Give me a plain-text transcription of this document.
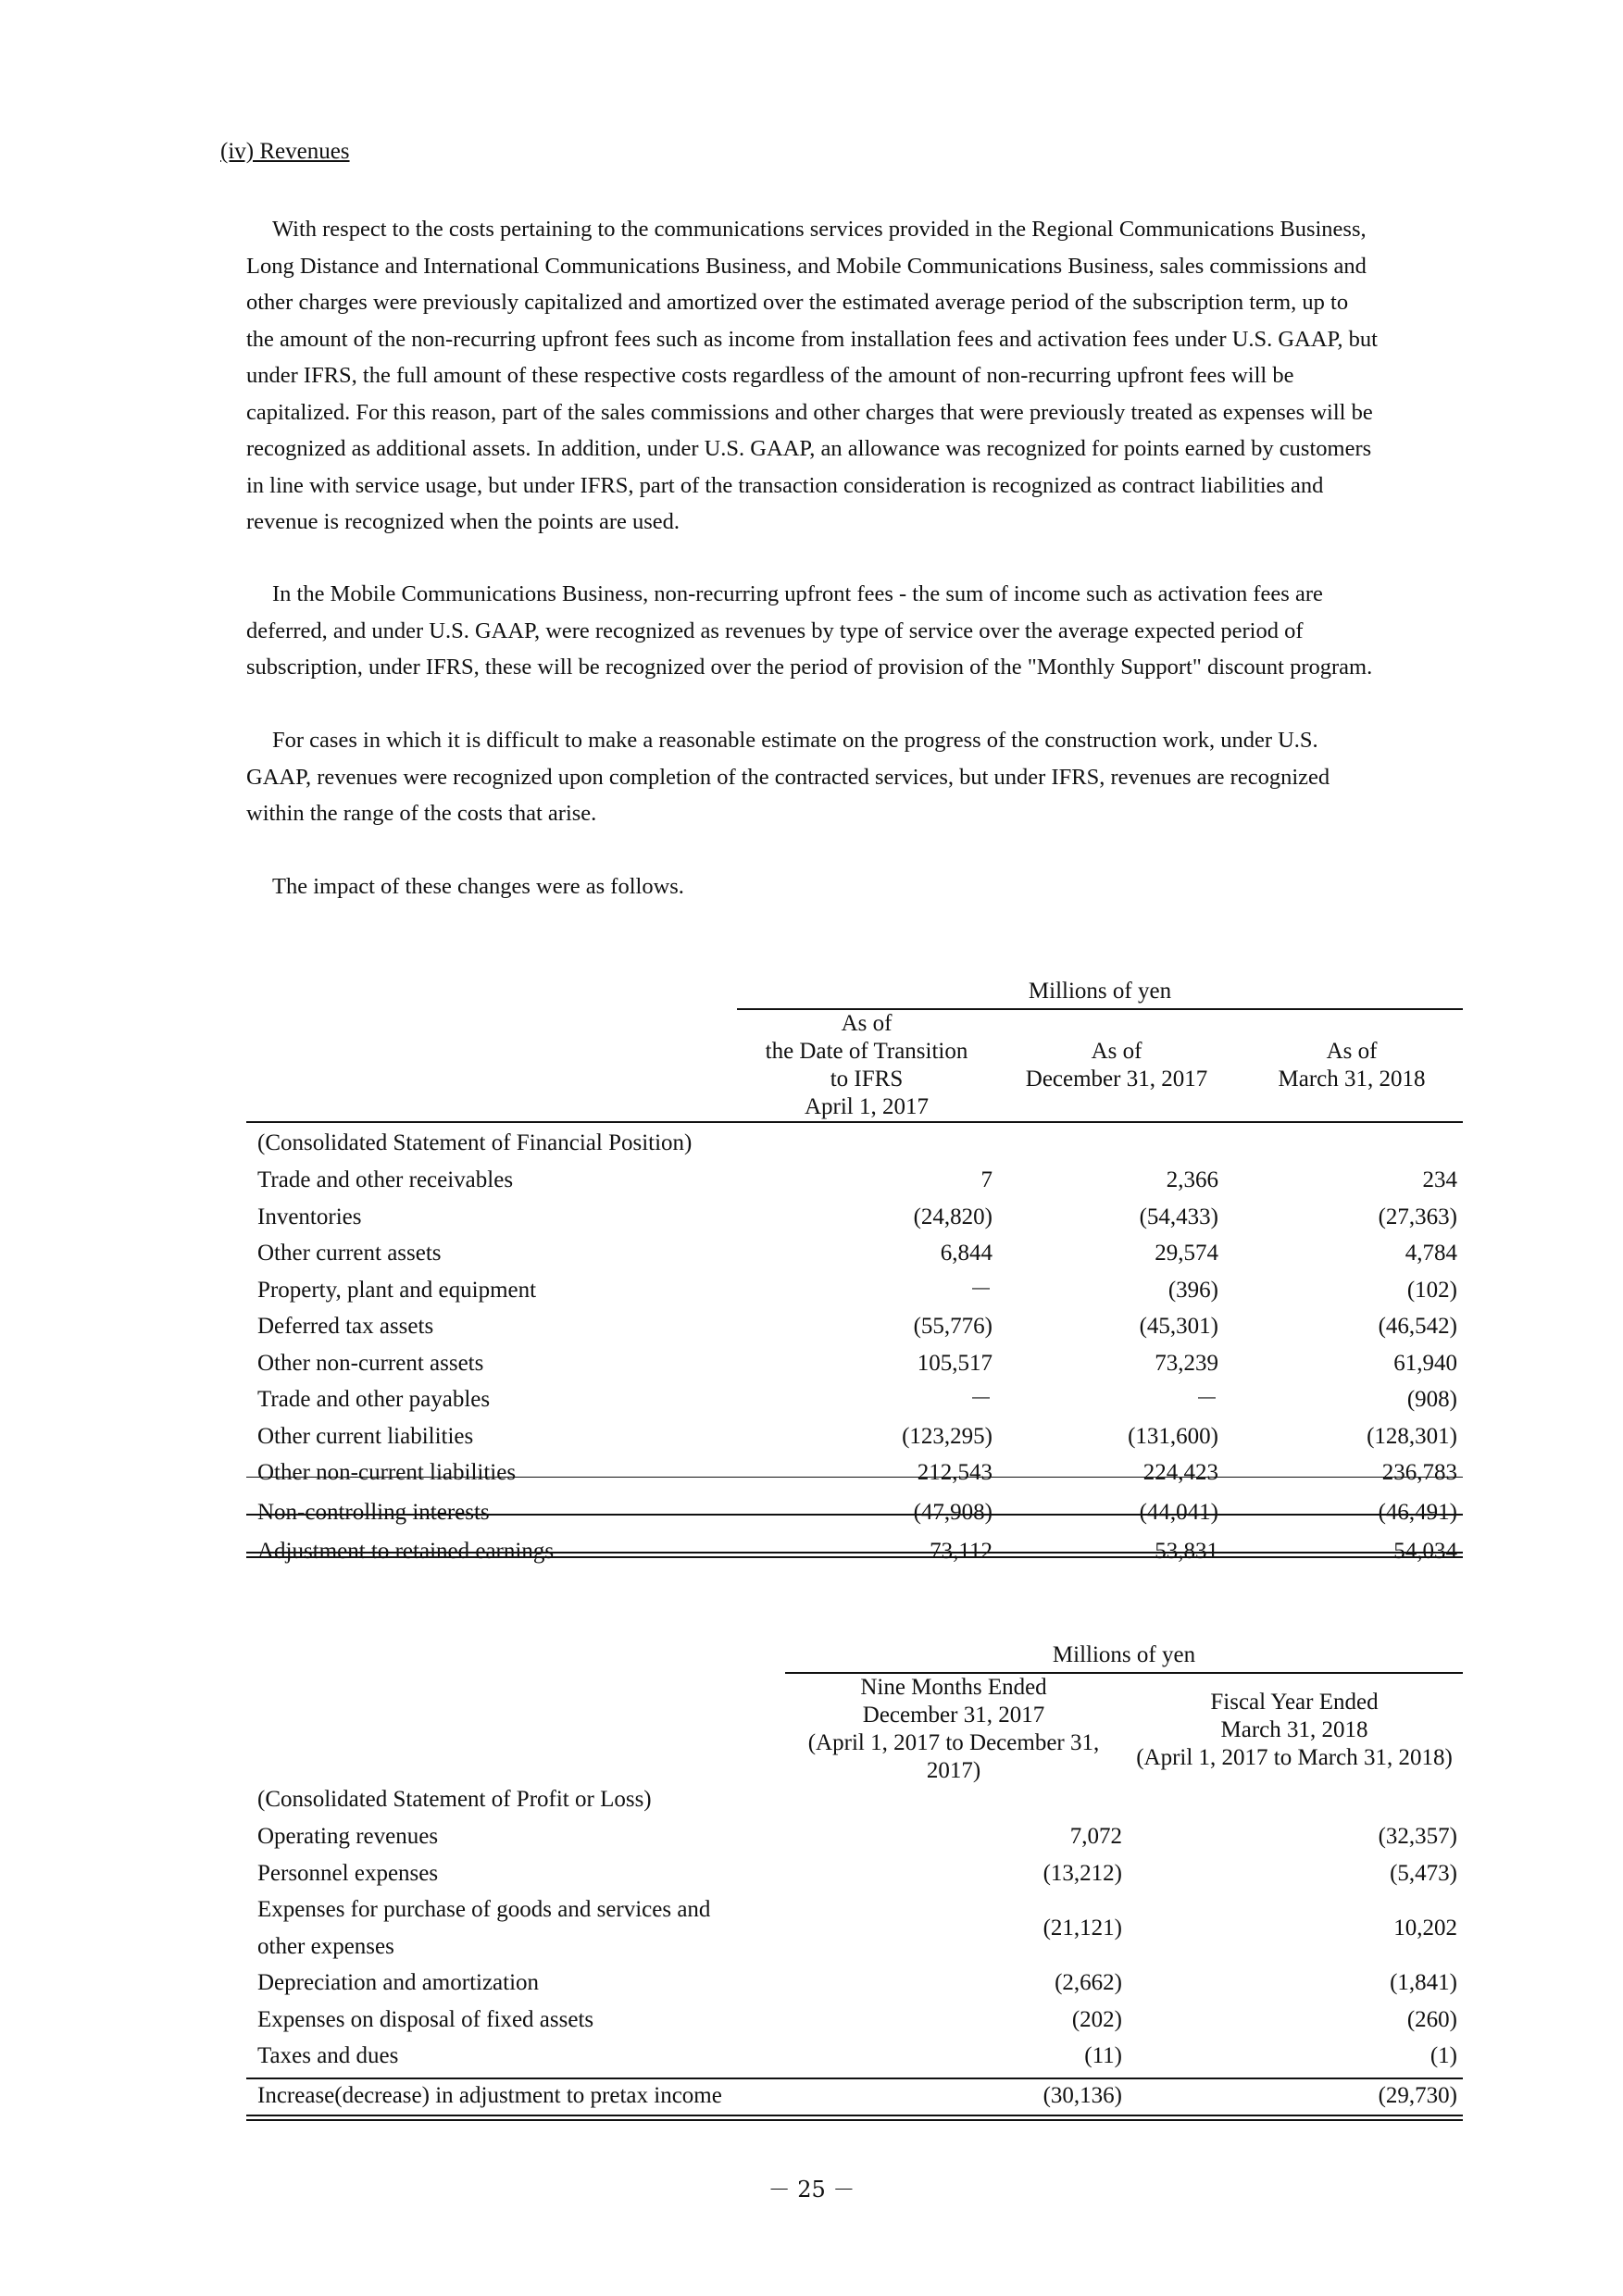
(iv) Revenues
With respect to the costs pertaining to the communications services provided in the Regional Communications Business,
Long Distance and International Communications Business, and Mobile Communications Business, sales commissions and
other charges were previously capitalized and amortized over the estimated average period of the subscription term, up to
the amount of the non-recurring upfront fees such as income from installation fees and activation fees under U.S. GAAP, but
under IFRS, the full amount of these respective costs regardless of the amount of non-recurring upfront fees will be
capitalized. For this reason, part of the sales commissions and other charges that were previously treated as expenses will be
recognized as additional assets. In addition, under U.S. GAAP, an allowance was recognized for points earned by customers
in line with service usage, but under IFRS, part of the transaction consideration is recognized as contract liabilities and
revenue is recognized when the points are used.
In the Mobile Communications Business, non-recurring upfront fees - the sum of income such as activation fees are
deferred, and under U.S. GAAP, were recognized as revenues by type of service over the average expected period of
subscription, under IFRS, these will be recognized over the period of provision of the "Monthly Support" discount program.
For cases in which it is difficult to make a reasonable estimate on the progress of the construction work, under U.S.
GAAP, revenues were recognized upon completion of the contracted services, but under IFRS, revenues are recognized
within the range of the costs that arise.
The impact of these changes were as follows.
Millions of yen
As of
the Date of Transition
to IFRS
April 1, 2017
As of
December 31, 2017
As of
March 31, 2018
(Consolidated Statement of Financial Position)
Trade and other receivables	7	2,366	234
Inventories	(24,820)	(54,433)	(27,363)
Other current assets	6,844	29,574	4,784
Property, plant and equipment	－	(396)	(102)
Deferred tax assets	(55,776)	(45,301)	(46,542)
Other non-current assets	105,517	73,239	61,940
Trade and other payables	－	－	(908)
Other current liabilities	(123,295)	(131,600)	(128,301)
Other non-current liabilities	212,543	224,423	236,783
Non-controlling interests	(47,908)	(44,041)	(46,491)
Adjustment to retained earnings	73,112	53,831	54,034
Millions of yen
Nine Months Ended
December 31, 2017
(April 1, 2017 to December 31,
2017)
Fiscal Year Ended
March 31, 2018
(April 1, 2017 to March 31, 2018)
(Consolidated Statement of Profit or Loss)
Operating revenues	7,072	(32,357)
Personnel expenses	(13,212)	(5,473)
Expenses for purchase of goods and services and
other expenses
(21,121)	10,202
Depreciation and amortization	(2,662)	(1,841)
Expenses on disposal of fixed assets	(202)	(260)
Taxes and dues	(11)	(1)
Increase(decrease) in adjustment to pretax income	(30,136)	(29,730)
－ 25 －
